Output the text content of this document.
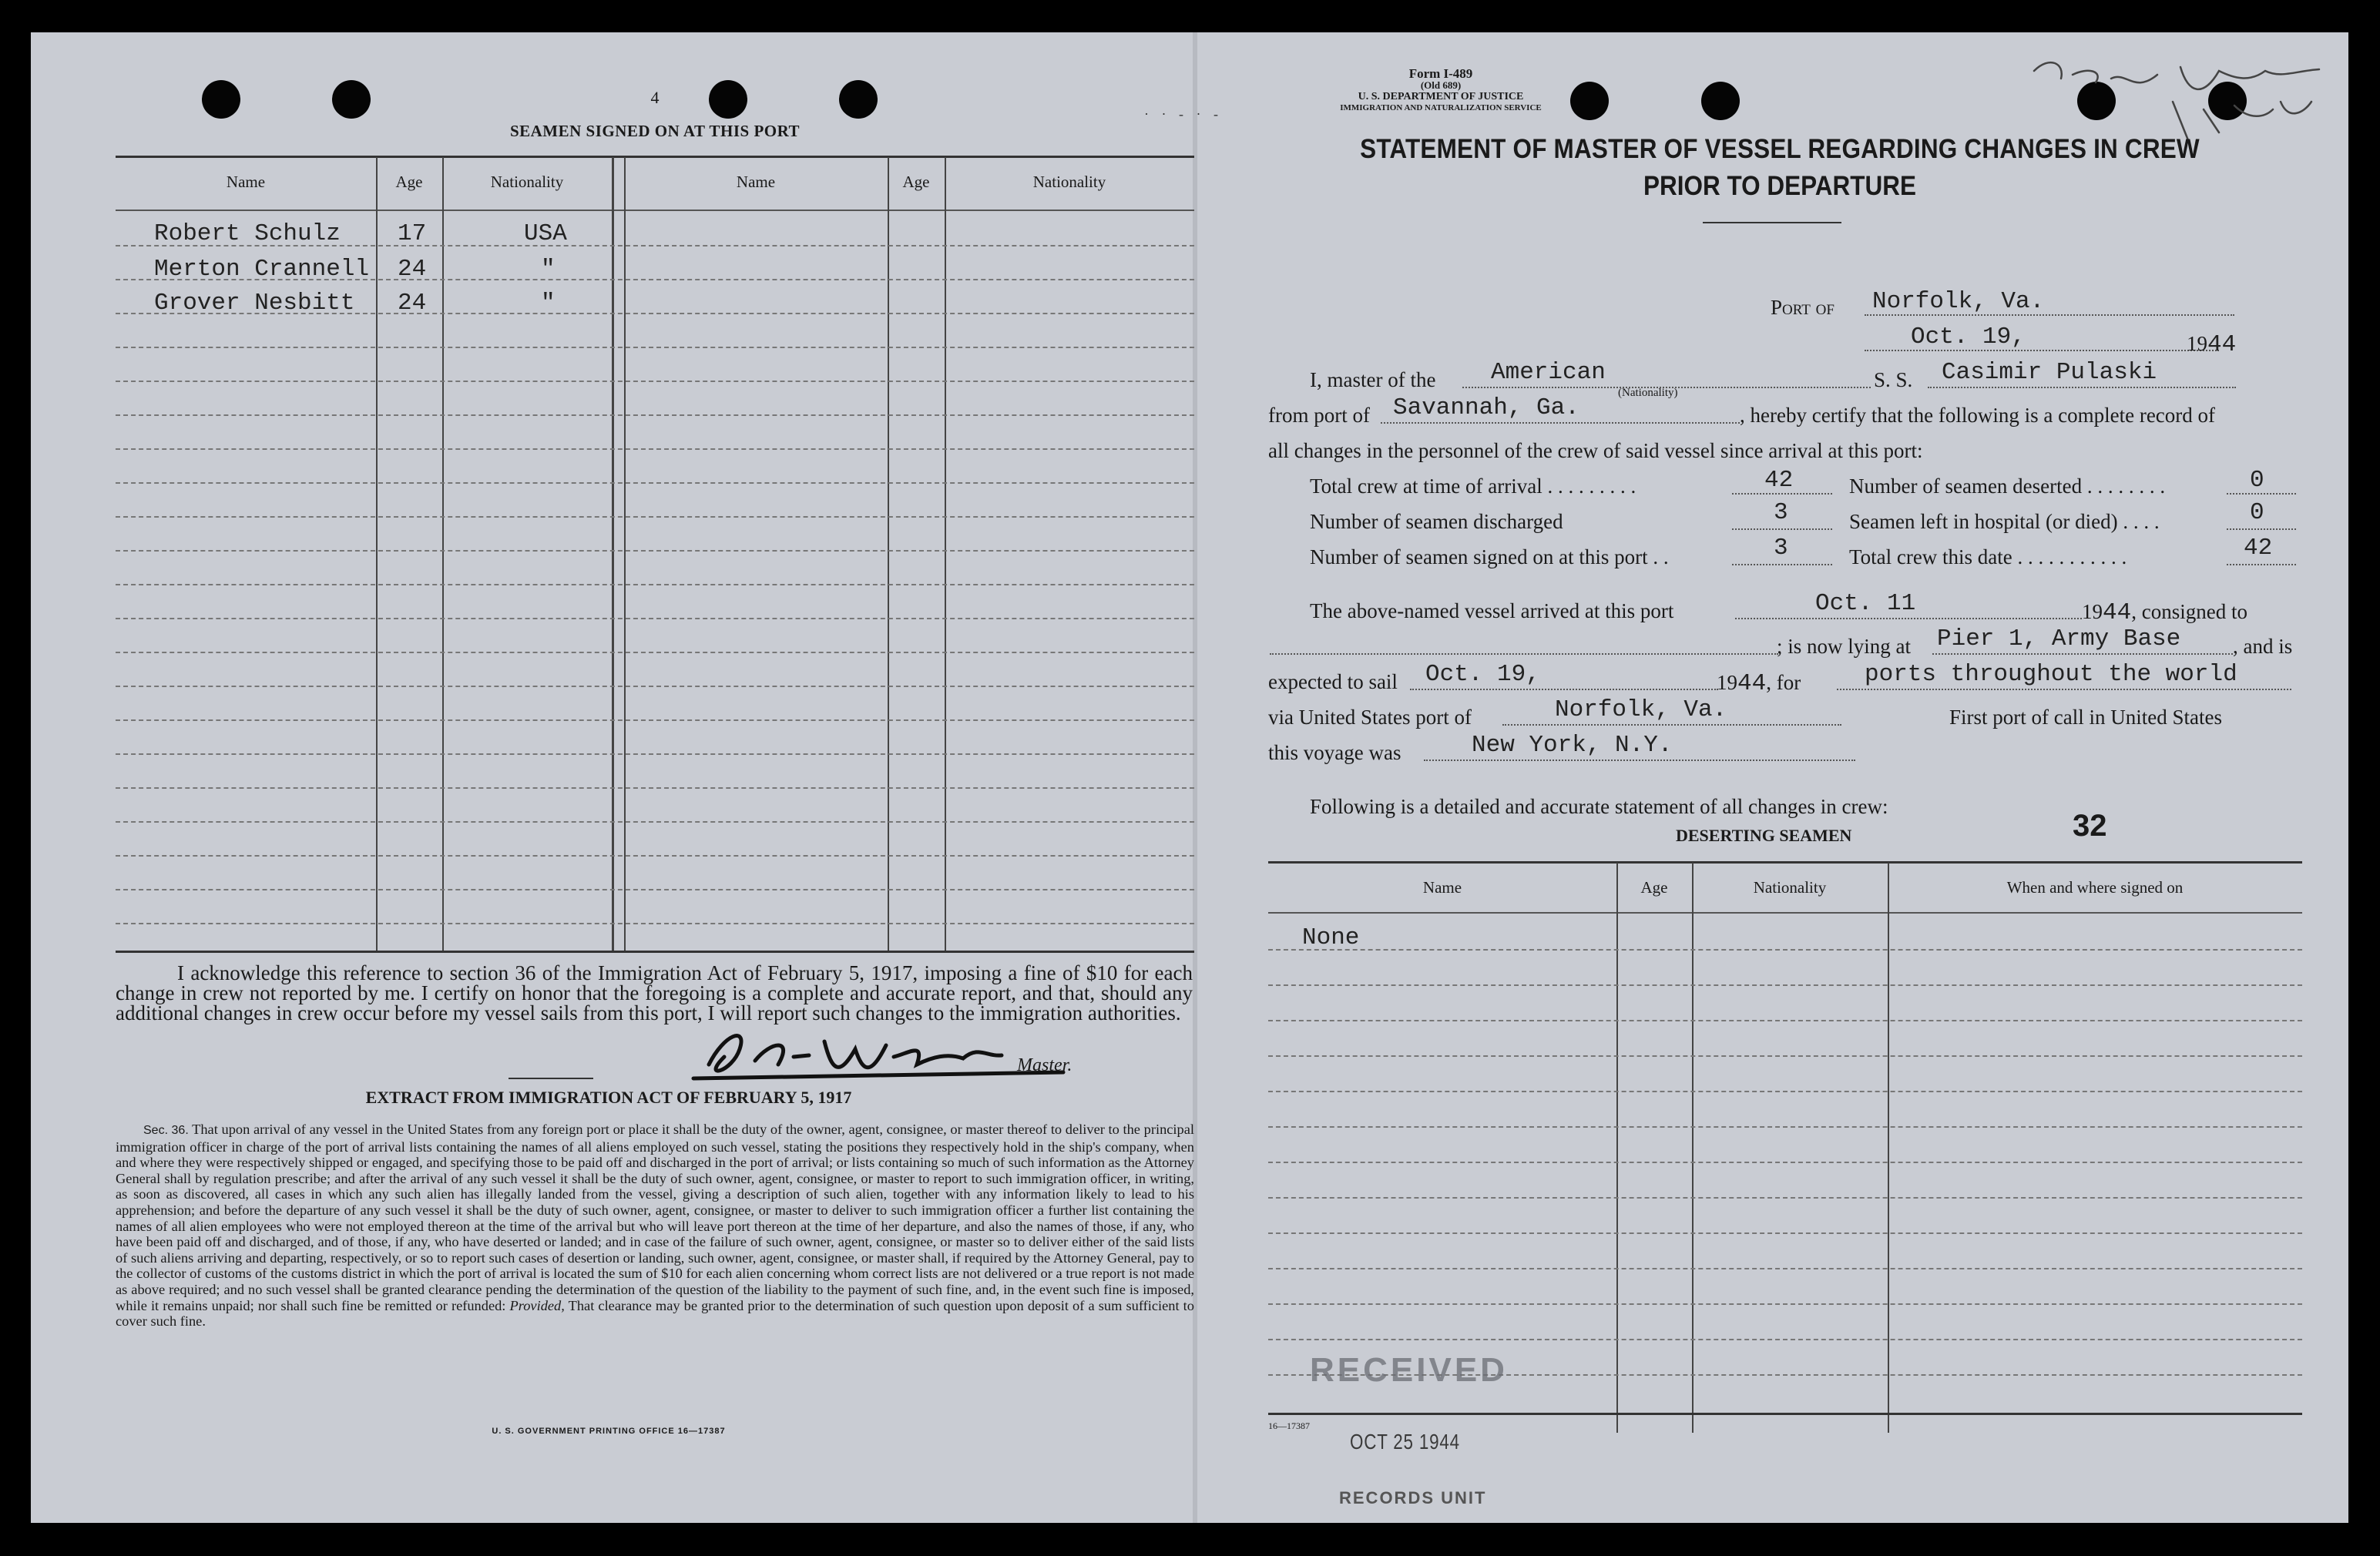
4
SEAMEN SIGNED ON AT THIS PORT
Name	Age	Nationality	Name	Age	Nationality
Robert Schulz 17	USA
Merton Crannell 24	"
Grover Nesbitt 24	"
I acknowledge this reference to section 36 of the Immigration Act of February 5, 1917, imposing a fine of $10 for each change in crew not reported by me. I certify on honor that the foregoing is a complete and accurate report, and that, should any additional changes in crew occur before my vessel sails from this port, I will report such changes to the immigration authorities.
Master.
EXTRACT FROM IMMIGRATION ACT OF FEBRUARY 5, 1917
Sec. 36. That upon arrival of any vessel in the United States from any foreign port or place it shall be the duty of the owner, agent, consignee, or master thereof to deliver to the principal immigration officer in charge of the port of arrival lists containing the names of all aliens employed on such vessel, stating the positions they respectively hold in the ship's company, when and where they were respectively shipped or engaged, and specifying those to be paid off and discharged in the port of arrival; or lists containing so much of such information as the Attorney General shall by regulation prescribe; and after the arrival of any such vessel it shall be the duty of such owner, agent, consignee, or master to report to such immigration officer, in writing, as soon as discovered, all cases in which any such alien has illegally landed from the vessel, giving a description of such alien, together with any information likely to lead to his apprehension; and before the departure of any such vessel it shall be the duty of such owner, agent, consignee, or master to deliver to such immigration officer a further list containing the names of all alien employees who were not employed thereon at the time of the arrival but who will leave port thereon at the time of her departure, and also the names of those, if any, who have been paid off and discharged, and of those, if any, who have deserted or landed; and in case of the failure of such owner, agent, consignee, or master so to deliver either of the said lists of such aliens arriving and departing, respectively, or so to report such cases of desertion or landing, such owner, agent, consignee, or master shall, if required by the Attorney General, pay to the collector of customs of the customs district in which the port of arrival is located the sum of $10 for each alien concerning whom correct lists are not delivered or a true report is not made as above required; and no such vessel shall be granted clearance pending the determination of the question of the liability to the payment of such fine, and, in the event such fine is imposed, while it remains unpaid; nor shall such fine be remitted or refunded: Provided, That clearance may be granted prior to the determination of such question upon deposit of a sum sufficient to cover such fine.
U. S. GOVERNMENT PRINTING OFFICE 16—17387
Form I-489
(Old 689)
U. S. DEPARTMENT OF JUSTICE
IMMIGRATION AND NATURALIZATION SERVICE
· · - · -
STATEMENT OF MASTER OF VESSEL REGARDING CHANGES IN CREW
PRIOR TO DEPARTURE
Port of Norfolk, Va.
Oct. 19,	1944
I, master of the American
(Nationality)
S. S. Casimir Pulaski
from port of Savannah, Ga.	, hereby certify that the following is a complete record of
all changes in the personnel of the crew of said vessel since arrival at this port:
Total crew at time of arrival . . . . . . . . .	42
Number of seamen discharged	3
Number of seamen signed on at this port . .	3
Number of seamen deserted . . . . . . . .	0
Seamen left in hospital (or died) . . . .	0
Total crew this date . . . . . . . . . . .	42
The above-named vessel arrived at this port	Oct. 11	1944, consigned to
; is now lying at Pier 1, Army Base	, and is
expected to sail Oct. 19,	1944, for	ports throughout the world
via United States port of	Norfolk, Va.	First port of call in United States
this voyage was	New York, N.Y.
Following is a detailed and accurate statement of all changes in crew:
DESERTING SEAMEN	32
Name	Age	Nationality	When and where signed on
None
RECEIVED
16—17387
OCT 25 1944
RECORDS UNIT
